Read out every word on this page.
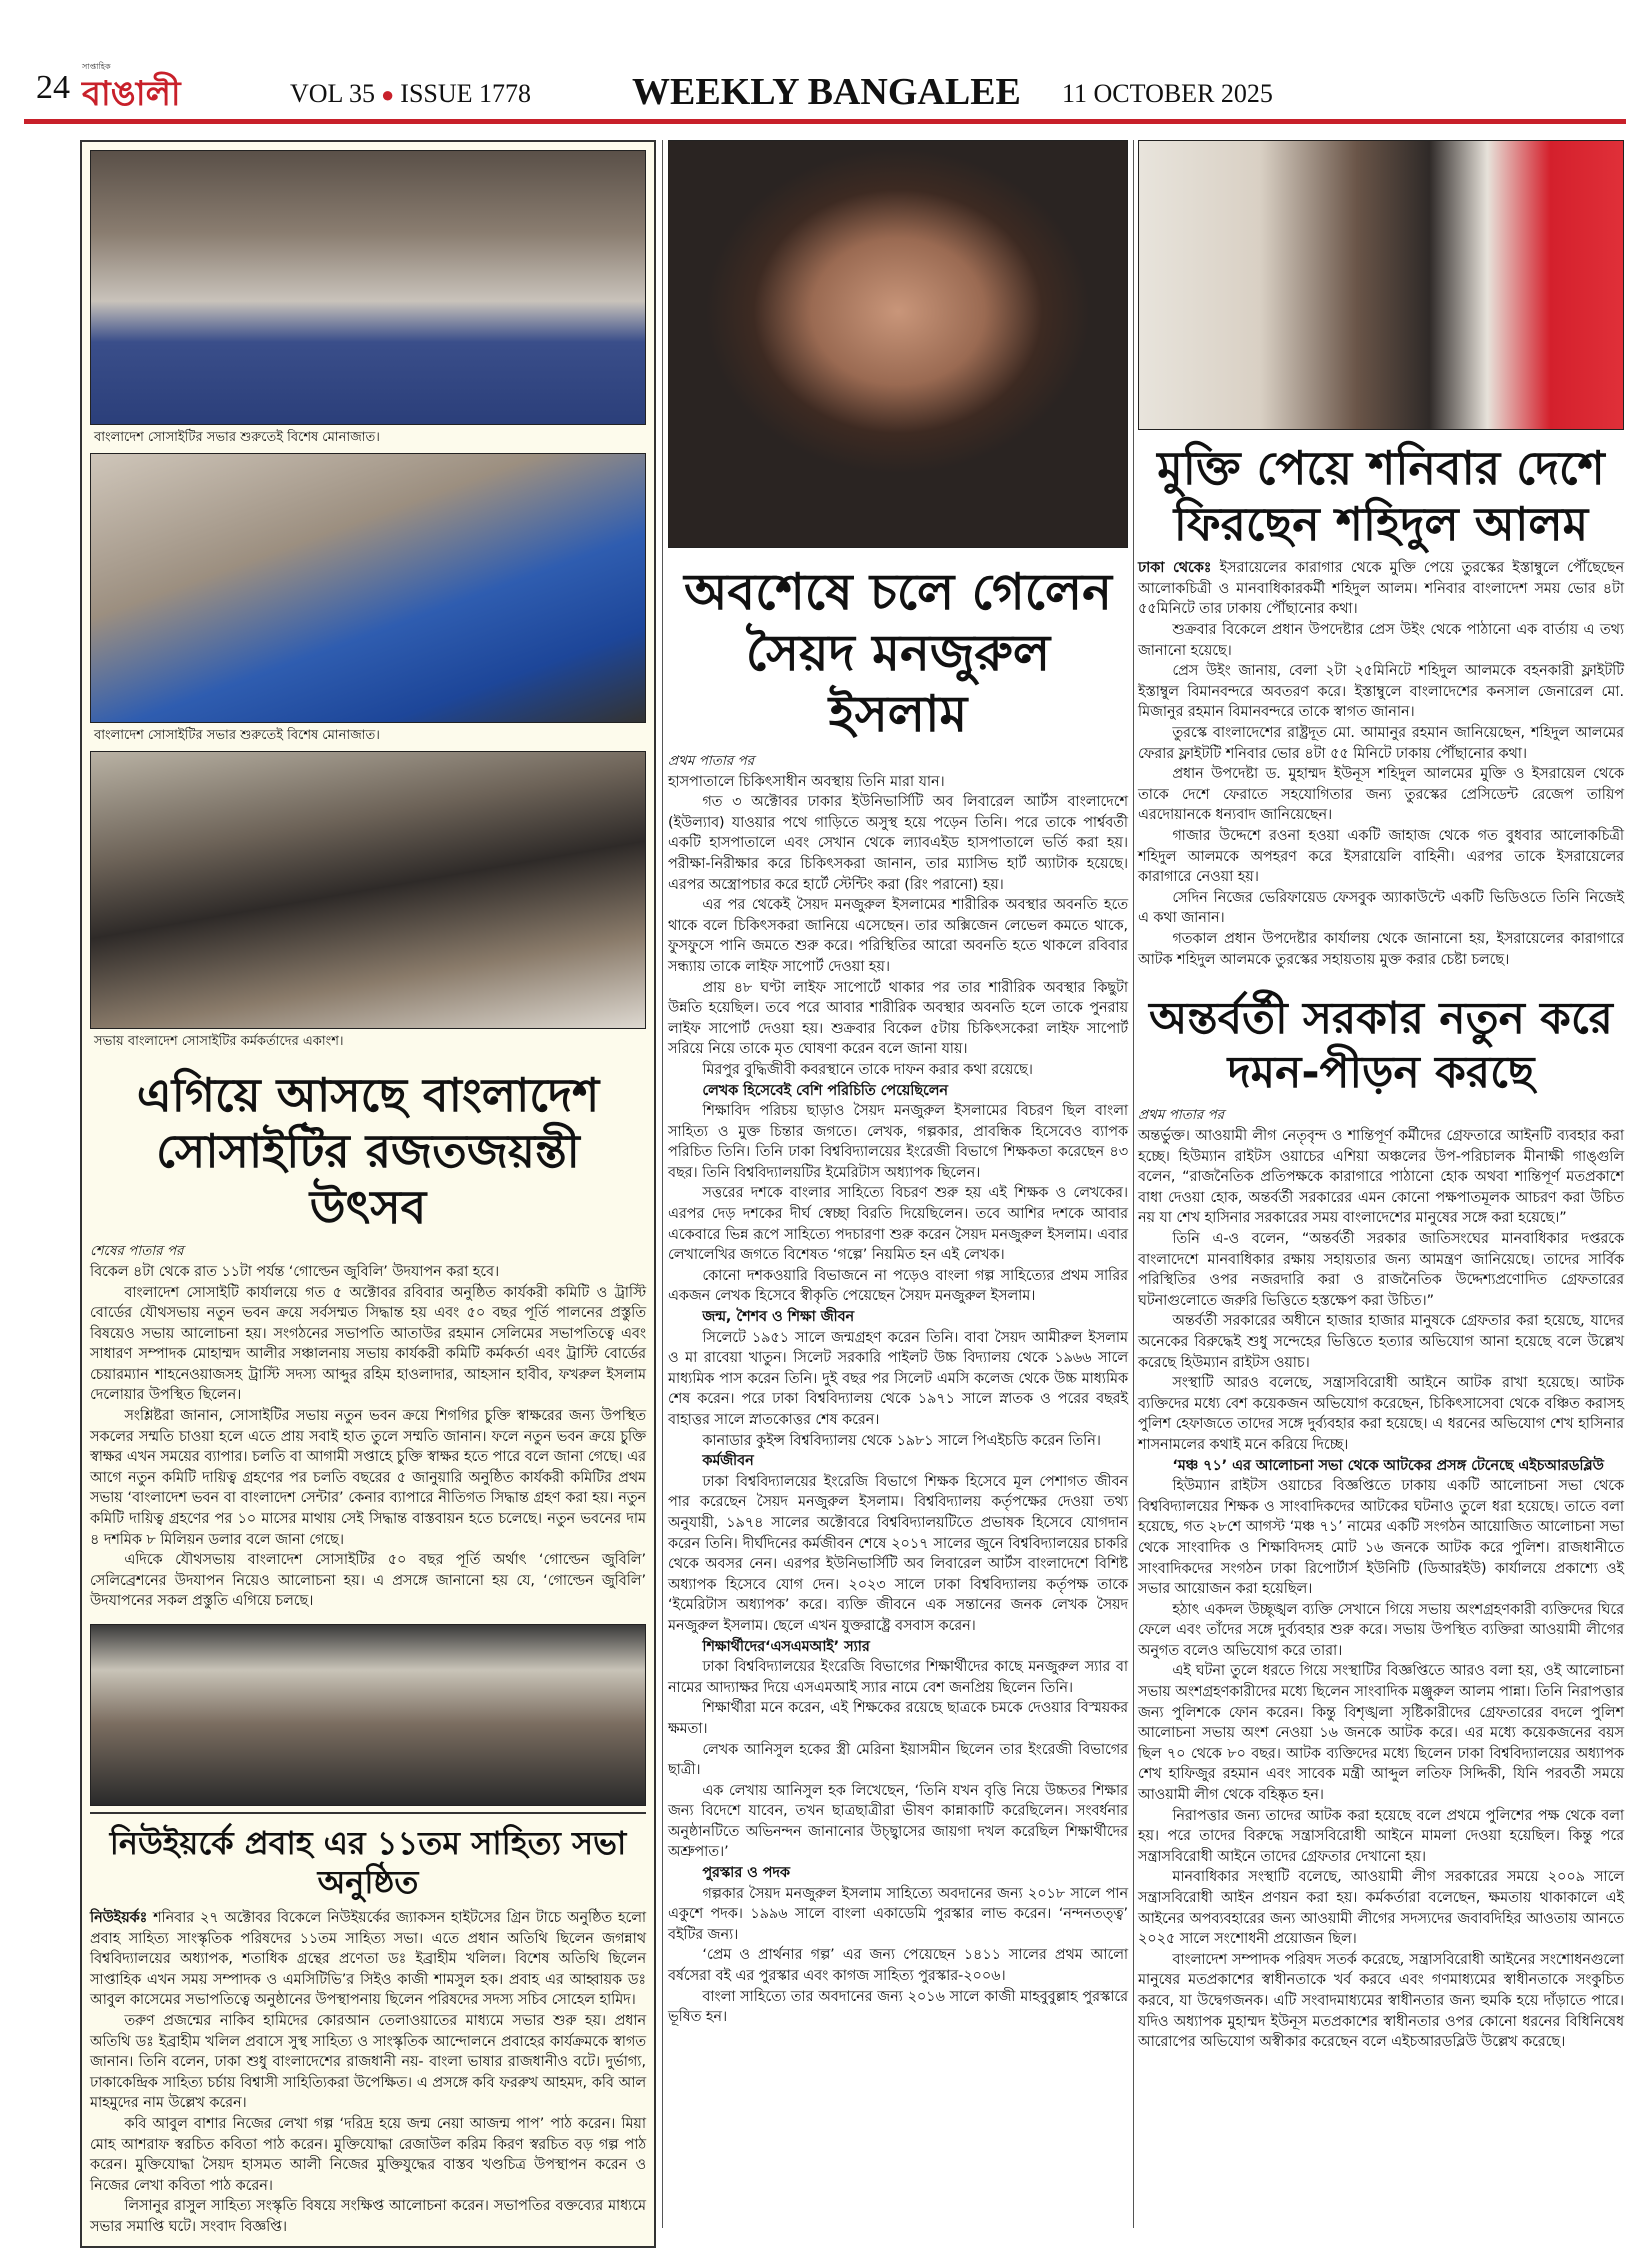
24
সাপ্তাহিক
বাঙালী	VOL 35 ● ISSUE 1778	WEEKLY BANGALEE 11 OCTOBER 2025
বাংলাদেশ সোসাইটির সভার শুরুতেই বিশেষ মোনাজাত।
বাংলাদেশ সোসাইটির সভার শুরুতেই বিশেষ মোনাজাত।
সভায় বাংলাদেশ সোসাইটির কর্মকর্তাদের একাংশ।
এগিয়ে আসছে বাংলাদেশ সোসাইটির রজতজয়ন্তী উৎসব

শেষের পাতার পর

বিকেল ৪টা থেকে রাত ১১টা পর্যন্ত ‘গোল্ডেন জুবিলি’ উদযাপন করা হবে।

বাংলাদেশ সোসাইটি কার্যালয়ে গত ৫ অক্টোবর রবিবার অনুষ্ঠিত কার্যকরী কমিটি ও ট্রাস্টি বোর্ডের যৌথসভায় নতুন ভবন ক্রয়ে সর্বসম্মত সিদ্ধান্ত হয় এবং ৫০ বছর পূর্তি পালনের প্রস্তুতি বিষয়েও সভায় আলোচনা হয়। সংগঠনের সভাপতি আতাউর রহমান সেলিমের সভাপতিত্বে এবং সাধারণ সম্পাদক মোহাম্মদ আলীর সঞ্চালনায় সভায় কার্যকরী কমিটি কর্মকর্তা এবং ট্রাস্টি বোর্ডের চেয়ারম্যান শাহনেওয়াজসহ ট্রাস্টি সদস্য আব্দুর রহিম হাওলাদার, আহসান হাবীব, ফখরুল ইসলাম দেলোয়ার উপস্থিত ছিলেন।

সংশ্লিষ্টরা জানান, সোসাইটির সভায় নতুন ভবন ক্রয়ে শিগগির চুক্তি স্বাক্ষরের জন্য উপস্থিত সকলের সম্মতি চাওয়া হলে এতে প্রায় সবাই হাত তুলে সম্মতি জানান। ফলে নতুন ভবন ক্রয়ে চুক্তি স্বাক্ষর এখন সময়ের ব্যাপার। চলতি বা আগামী সপ্তাহে চুক্তি স্বাক্ষর হতে পারে বলে জানা গেছে। এর আগে নতুন কমিটি দায়িত্ব গ্রহণের পর চলতি বছরের ৫ জানুয়ারি অনুষ্ঠিত কার্যকরী কমিটির প্রথম সভায় ‘বাংলাদেশ ভবন বা বাংলাদেশ সেন্টার’ কেনার ব্যাপারে নীতিগত সিদ্ধান্ত গ্রহণ করা হয়। নতুন কমিটি দায়িত্ব গ্রহণের পর ১০ মাসের মাথায় সেই সিদ্ধান্ত বাস্তবায়ন হতে চলেছে। নতুন ভবনের দাম ৪ দশমিক ৮ মিলিয়ন ডলার বলে জানা গেছে।

এদিকে যৌথসভায় বাংলাদেশ সোসাইটির ৫০ বছর পূর্তি অর্থাৎ ‘গোল্ডেন জুবিলি’ সেলিব্রেশনের উদযাপন নিয়েও আলোচনা হয়। এ প্রসঙ্গে জানানো হয় যে, ‘গোল্ডেন জুবিলি’ উদযাপনের সকল প্রস্তুতি এগিয়ে চলছে।

নিউইয়র্কে প্রবাহ এর ১১তম সাহিত্য সভা অনুষ্ঠিত

নিউইয়র্কঃ শনিবার ২৭ অক্টোবর বিকেলে নিউইয়র্কের জ্যাকসন হাইটসের গ্রিন টাচে অনুষ্ঠিত হলো প্রবাহ সাহিত্য সাংস্কৃতিক পরিষদের ১১তম সাহিত্য সভা। এতে প্রধান অতিথি ছিলেন জগন্নাথ বিশ্ববিদ্যালয়ের অধ্যাপক, শতাধিক গ্রন্থের প্রণেতা ডঃ ইব্রাহীম খলিল। বিশেষ অতিথি ছিলেন সাপ্তাহিক এখন সময় সম্পাদক ও এমসিটিভি’র সিইও কাজী শামসুল হক। প্রবাহ এর আহ্বায়ক ডঃ আবুল কাসেমের সভাপতিত্বে অনুষ্ঠানের উপস্থাপনায় ছিলেন পরিষদের সদস্য সচিব সোহেল হামিদ।

তরুণ প্রজন্মের নাকিব হামিদের কোরআন তেলাওয়াতের মাধ্যমে সভার শুরু হয়। প্রধান অতিথি ডঃ ইব্রাহীম খলিল প্রবাসে সুস্থ সাহিত্য ও সাংস্কৃতিক আন্দোলনে প্রবাহের কার্যক্রমকে স্বাগত জানান। তিনি বলেন, ঢাকা শুধু বাংলাদেশের রাজধানী নয়- বাংলা ভাষার রাজধানীও বটে। দুর্ভাগ্য, ঢাকাকেন্দ্রিক সাহিত্য চর্চায় বিশ্বাসী সাহিত্যিকরা উপেক্ষিত। এ প্রসঙ্গে কবি ফররুখ আহমদ, কবি আল মাহমুদের নাম উল্লেখ করেন।

কবি আবুল বাশার নিজের লেখা গল্প ‘দরিদ্র হয়ে জন্ম নেয়া আজন্ম পাপ’ পাঠ করেন। মিয়া মোহ আশরাফ স্বরচিত কবিতা পাঠ করেন। মুক্তিযোদ্ধা রেজাউল করিম কিরণ স্বরচিত বড় গল্প পাঠ করেন। মুক্তিযোদ্ধা সৈয়দ হাসমত আলী নিজের মুক্তিযুদ্ধের বাস্তব খণ্ডচিত্র উপস্থাপন করেন ও নিজের লেখা কবিতা পাঠ করেন।

লিসানুর রাসুল সাহিত্য সংস্কৃতি বিষয়ে সংক্ষিপ্ত আলোচনা করেন। সভাপতির বক্তব্যের মাধ্যমে সভার সমাপ্তি ঘটে। সংবাদ বিজ্ঞপ্তি।

অবশেষে চলে গেলেন
সৈয়দ মনজুরুল ইসলাম

প্রথম পাতার পর

হাসপাতালে চিকিৎসাধীন অবস্থায় তিনি মারা যান।

গত ৩ অক্টোবর ঢাকার ইউনিভার্সিটি অব লিবারেল আর্টস বাংলাদেশে (ইউল্যাব) যাওয়ার পথে গাড়িতে অসুস্থ হয়ে পড়েন তিনি। পরে তাকে পার্শ্ববর্তী একটি হাসপাতালে এবং সেখান থেকে ল্যাবএইড হাসপাতালে ভর্তি করা হয়। পরীক্ষা-নিরীক্ষার করে চিকিৎসকরা জানান, তার ম্যাসিভ হার্ট অ্যাটাক হয়েছে। এরপর অস্ত্রোপচার করে হার্টে স্টেন্টিং করা (রিং পরানো) হয়।

এর পর থেকেই সৈয়দ মনজুরুল ইসলামের শারীরিক অবস্থার অবনতি হতে থাকে বলে চিকিৎসকরা জানিয়ে এসেছেন। তার অক্সিজেন লেভেল কমতে থাকে, ফুসফুসে পানি জমতে শুরু করে। পরিস্থিতির আরো অবনতি হতে থাকলে রবিবার সন্ধ্যায় তাকে লাইফ সাপোর্ট দেওয়া হয়।

প্রায় ৪৮ ঘণ্টা লাইফ সাপোর্টে থাকার পর তার শারীরিক অবস্থার কিছুটা উন্নতি হয়েছিল। তবে পরে আবার শারীরিক অবস্থার অবনতি হলে তাকে পুনরায় লাইফ সাপোর্ট দেওয়া হয়। শুক্রবার বিকেল ৫টায় চিকিৎসকেরা লাইফ সাপোর্ট সরিয়ে নিয়ে তাকে মৃত ঘোষণা করেন বলে জানা যায়।

মিরপুর বুদ্ধিজীবী কবরস্থানে তাকে দাফন করার কথা রয়েছে।

লেখক হিসেবেই বেশি পরিচিতি পেয়েছিলেন

শিক্ষাবিদ পরিচয় ছাড়াও সৈয়দ মনজুরুল ইসলামের বিচরণ ছিল বাংলা সাহিত্য ও মুক্ত চিন্তার জগতে। লেখক, গল্পকার, প্রাবন্ধিক হিসেবেও ব্যাপক পরিচিত তিনি। তিনি ঢাকা বিশ্ববিদ্যালয়ের ইংরেজী বিভাগে শিক্ষকতা করেছেন ৪৩ বছর। তিনি বিশ্ববিদ্যালয়টির ইমেরিটাস অধ্যাপক ছিলেন।

সত্তরের দশকে বাংলার সাহিত্যে বিচরণ শুরু হয় এই শিক্ষক ও লেখকের। এরপর দেড় দশকের দীর্ঘ স্বেচ্ছা বিরতি দিয়েছিলেন। তবে আশির দশকে আবার একেবারে ভিন্ন রূপে সাহিত্যে পদচারণা শুরু করেন সৈয়দ মনজুরুল ইসলাম। এবার লেখালেখির জগতে বিশেষত ‘গল্পে’ নিয়মিত হন এই লেখক।

কোনো দশকওয়ারি বিভাজনে না পড়েও বাংলা গল্প সাহিত্যের প্রথম সারির একজন লেখক হিসেবে স্বীকৃতি পেয়েছেন সৈয়দ মনজুরুল ইসলাম।

জন্ম, শৈশব ও শিক্ষা জীবন

সিলেটে ১৯৫১ সালে জন্মগ্রহণ করেন তিনি। বাবা সৈয়দ আমীরুল ইসলাম ও মা রাবেয়া খাতুন। সিলেট সরকারি পাইলট উচ্চ বিদ্যালয় থেকে ১৯৬৬ সালে মাধ্যমিক পাস করেন তিনি। দুই বছর পর সিলেট এমসি কলেজ থেকে উচ্চ মাধ্যমিক শেষ করেন। পরে ঢাকা বিশ্ববিদ্যালয় থেকে ১৯৭১ সালে স্নাতক ও পরের বছরই বাহাত্তর সালে স্নাতকোত্তর শেষ করেন।

কানাডার কুইন্স বিশ্ববিদ্যালয় থেকে ১৯৮১ সালে পিএইচডি করেন তিনি।

কর্মজীবন

ঢাকা বিশ্ববিদ্যালয়ের ইংরেজি বিভাগে শিক্ষক হিসেবে মূল পেশাগত জীবন পার করেছেন সৈয়দ মনজুরুল ইসলাম। বিশ্ববিদ্যালয় কর্তৃপক্ষের দেওয়া তথ্য অনুযায়ী, ১৯৭৪ সালের অক্টোবরে বিশ্ববিদ্যালয়টিতে প্রভাষক হিসেবে যোগদান করেন তিনি। দীর্ঘদিনের কর্মজীবন শেষে ২০১৭ সালের জুনে বিশ্ববিদ্যালয়ের চাকরি থেকে অবসর নেন। এরপর ইউনিভার্সিটি অব লিবারেল আর্টস বাংলাদেশে বিশিষ্ট অধ্যাপক হিসেবে যোগ দেন। ২০২৩ সালে ঢাকা বিশ্ববিদ্যালয় কর্তৃপক্ষ তাকে ‘ইমেরিটাস অধ্যাপক’ করে। ব্যক্তি জীবনে এক সন্তানের জনক লেখক সৈয়দ মনজুরুল ইসলাম। ছেলে এখন যুক্তরাষ্ট্রে বসবাস করেন।

শিক্ষার্থীদের‘এসএমআই’ স্যার

ঢাকা বিশ্ববিদ্যালয়ের ইংরেজি বিভাগের শিক্ষার্থীদের কাছে মনজুরুল স্যার বা নামের আদ্যাক্ষর দিয়ে এসএমআই স্যার নামে বেশ জনপ্রিয় ছিলেন তিনি।

শিক্ষার্থীরা মনে করেন, এই শিক্ষকের রয়েছে ছাত্রকে চমকে দেওয়ার বিস্ময়কর ক্ষমতা।

লেখক আনিসুল হকের স্ত্রী মেরিনা ইয়াসমীন ছিলেন তার ইংরেজী বিভাগের ছাত্রী।

এক লেখায় আনিসুল হক লিখেছেন, ‘তিনি যখন বৃত্তি নিয়ে উচ্চতর শিক্ষার জন্য বিদেশে যাবেন, তখন ছাত্রছাত্রীরা ভীষণ কান্নাকাটি করেছিলেন। সংবর্ধনার অনুষ্ঠানটিতে অভিনন্দন জানানোর উচ্ছ্বাসের জায়গা দখল করেছিল শিক্ষার্থীদের অশ্রুপাত।’

পুরস্কার ও পদক

গল্পকার সৈয়দ মনজুরুল ইসলাম সাহিত্যে অবদানের জন্য ২০১৮ সালে পান একুশে পদক। ১৯৯৬ সালে বাংলা একাডেমি পুরস্কার লাভ করেন। ‘নন্দনতত্ত্ব’ বইটির জন্য।

‘প্রেম ও প্রার্থনার গল্প’ এর জন্য পেয়েছেন ১৪১১ সালের প্রথম আলো বর্ষসেরা বই এর পুরস্কার এবং কাগজ সাহিত্য পুরস্কার-২০০৬।

বাংলা সাহিত্যে তার অবদানের জন্য ২০১৬ সালে কাজী মাহবুবুল্লাহ পুরস্কারে ভূষিত হন।

মুক্তি পেয়ে শনিবার দেশে
ফিরছেন শহিদুল আলম

ঢাকা থেকেঃ ইসরায়েলের কারাগার থেকে মুক্তি পেয়ে তুরস্কের ইস্তাম্বুলে পৌঁছেছেন আলোকচিত্রী ও মানবাধিকারকর্মী শহিদুল আলম। শনিবার বাংলাদেশ সময় ভোর ৪টা ৫৫মিনিটে তার ঢাকায় পৌঁছানোর কথা।

শুক্রবার বিকেলে প্রধান উপদেষ্টার প্রেস উইং থেকে পাঠানো এক বার্তায় এ তথ্য জানানো হয়েছে।

প্রেস উইং জানায়, বেলা ২টা ২৫মিনিটে শহিদুল আলমকে বহনকারী ফ্লাইটটি ইস্তাম্বুল বিমানবন্দরে অবতরণ করে। ইস্তাম্বুলে বাংলাদেশের কনসাল জেনারেল মো. মিজানুর রহমান বিমানবন্দরে তাকে স্বাগত জানান।

তুরস্কে বাংলাদেশের রাষ্ট্রদূত মো. আমানুর রহমান জানিয়েছেন, শহিদুল আলমের ফেরার ফ্লাইটটি শনিবার ভোর ৪টা ৫৫ মিনিটে ঢাকায় পৌঁছানোর কথা।

প্রধান উপদেষ্টা ড. মুহাম্মদ ইউনূস শহিদুল আলমের মুক্তি ও ইসরায়েল থেকে তাকে দেশে ফেরাতে সহযোগিতার জন্য তুরস্কের প্রেসিডেন্ট রেজেপ তায়িপ এরদোয়ানকে ধন্যবাদ জানিয়েছেন।

গাজার উদ্দেশে রওনা হওয়া একটি জাহাজ থেকে গত বুধবার আলোকচিত্রী শহিদুল আলমকে অপহরণ করে ইসরায়েলি বাহিনী। এরপর তাকে ইসরায়েলের কারাগারে নেওয়া হয়।

সেদিন নিজের ভেরিফায়েড ফেসবুক অ্যাকাউন্টে একটি ভিডিওতে তিনি নিজেই এ কথা জানান।

গতকাল প্রধান উপদেষ্টার কার্যালয় থেকে জানানো হয়, ইসরায়েলের কারাগারে আটক শহিদুল আলমকে তুরস্কের সহায়তায় মুক্ত করার চেষ্টা চলছে।

অন্তর্বর্তী সরকার নতুন করে
দমন-পীড়ন করছে

প্রথম পাতার পর

অন্তর্ভুক্ত। আওয়ামী লীগ নেতৃবৃন্দ ও শান্তিপূর্ণ কর্মীদের গ্রেফতারে আইনটি ব্যবহার করা হচ্ছে। হিউম্যান রাইটস ওয়াচের এশিয়া অঞ্চলের উপ-পরিচালক মীনাক্ষী গাঙ্গুলি বলেন, “রাজনৈতিক প্রতিপক্ষকে কারাগারে পাঠানো হোক অথবা শান্তিপূর্ণ মতপ্রকাশে বাধা দেওয়া হোক, অন্তর্বর্তী সরকারের এমন কোনো পক্ষপাতমূলক আচরণ করা উচিত নয় যা শেখ হাসিনার সরকারের সময় বাংলাদেশের মানুষের সঙ্গে করা হয়েছে।”

তিনি এ-ও বলেন, “অন্তর্বর্তী সরকার জাতিসংঘের মানবাধিকার দপ্তরকে বাংলাদেশে মানবাধিকার রক্ষায় সহায়তার জন্য আমন্ত্রণ জানিয়েছে। তাদের সার্বিক পরিস্থিতির ওপর নজরদারি করা ও রাজনৈতিক উদ্দেশ্যপ্রণোদিত গ্রেফতারের ঘটনাগুলোতে জরুরি ভিত্তিতে হস্তক্ষেপ করা উচিত।”

অন্তর্বর্তী সরকারের অধীনে হাজার হাজার মানুষকে গ্রেফতার করা হয়েছে, যাদের অনেকের বিরুদ্ধেই শুধু সন্দেহের ভিত্তিতে হত্যার অভিযোগ আনা হয়েছে বলে উল্লেখ করেছে হিউম্যান রাইটস ওয়াচ।

সংস্থাটি আরও বলেছে, সন্ত্রাসবিরোধী আইনে আটক রাখা হয়েছে। আটক ব্যক্তিদের মধ্যে বেশ কয়েকজন অভিযোগ করেছেন, চিকিৎসাসেবা থেকে বঞ্চিত করাসহ পুলিশ হেফাজতে তাদের সঙ্গে দুর্ব্যবহার করা হয়েছে। এ ধরনের অভিযোগ শেখ হাসিনার শাসনামলের কথাই মনে করিয়ে দিচ্ছে।

‘মঞ্চ ৭১’ এর আলোচনা সভা থেকে আটকের প্রসঙ্গ টেনেছে এইচআরডব্লিউ

হিউম্যান রাইটস ওয়াচের বিজ্ঞপ্তিতে ঢাকায় একটি আলোচনা সভা থেকে বিশ্ববিদ্যালয়ের শিক্ষক ও সাংবাদিকদের আটকের ঘটনাও তুলে ধরা হয়েছে। তাতে বলা হয়েছে, গত ২৮শে আগস্ট ‘মঞ্চ ৭১’ নামের একটি সংগঠন আয়োজিত আলোচনা সভা থেকে সাংবাদিক ও শিক্ষাবিদসহ মোট ১৬ জনকে আটক করে পুলিশ। রাজধানীতে সাংবাদিকদের সংগঠন ঢাকা রিপোর্টার্স ইউনিটি (ডিআরইউ) কার্যালয়ে প্রকাশ্যে ওই সভার আয়োজন করা হয়েছিল।

হঠাৎ একদল উচ্ছৃঙ্খল ব্যক্তি সেখানে গিয়ে সভায় অংশগ্রহণকারী ব্যক্তিদের ঘিরে ফেলে এবং তাঁদের সঙ্গে দুর্ব্যবহার শুরু করে। সভায় উপস্থিত ব্যক্তিরা আওয়ামী লীগের অনুগত বলেও অভিযোগ করে তারা।

এই ঘটনা তুলে ধরতে গিয়ে সংস্থাটির বিজ্ঞপ্তিতে আরও বলা হয়, ওই আলোচনা সভায় অংশগ্রহণকারীদের মধ্যে ছিলেন সাংবাদিক মঞ্জুরুল আলম পান্না। তিনি নিরাপত্তার জন্য পুলিশকে ফোন করেন। কিন্তু বিশৃঙ্খলা সৃষ্টিকারীদের গ্রেফতারের বদলে পুলিশ আলোচনা সভায় অংশ নেওয়া ১৬ জনকে আটক করে। এর মধ্যে কয়েকজনের বয়স ছিল ৭০ থেকে ৮০ বছর। আটক ব্যক্তিদের মধ্যে ছিলেন ঢাকা বিশ্ববিদ্যালয়ের অধ্যাপক শেখ হাফিজুর রহমান এবং সাবেক মন্ত্রী আব্দুল লতিফ সিদ্দিকী, যিনি পরবর্তী সময়ে আওয়ামী লীগ থেকে বহিষ্কৃত হন।

নিরাপত্তার জন্য তাদের আটক করা হয়েছে বলে প্রথমে পুলিশের পক্ষ থেকে বলা হয়। পরে তাদের বিরুদ্ধে সন্ত্রাসবিরোধী আইনে মামলা দেওয়া হয়েছিল। কিন্তু পরে সন্ত্রাসবিরোধী আইনে তাদের গ্রেফতার দেখানো হয়।

মানবাধিকার সংস্থাটি বলেছে, আওয়ামী লীগ সরকারের সময়ে ২০০৯ সালে সন্ত্রাসবিরোধী আইন প্রণয়ন করা হয়। কর্মকর্তারা বলেছেন, ক্ষমতায় থাকাকালে এই আইনের অপব্যবহারের জন্য আওয়ামী লীগের সদস্যদের জবাবদিহির আওতায় আনতে ২০২৫ সালে সংশোধনী প্রয়োজন ছিল।

বাংলাদেশ সম্পাদক পরিষদ সতর্ক করেছে, সন্ত্রাসবিরোধী আইনের সংশোধনগুলো মানুষের মতপ্রকাশের স্বাধীনতাকে খর্ব করবে এবং গণমাধ্যমের স্বাধীনতাকে সংকুচিত করবে, যা উদ্বেগজনক। এটি সংবাদমাধ্যমের স্বাধীনতার জন্য হুমকি হয়ে দাঁড়াতে পারে। যদিও অধ্যাপক মুহাম্মদ ইউনূস মতপ্রকাশের স্বাধীনতার ওপর কোনো ধরনের বিধিনিষেধ আরোপের অভিযোগ অস্বীকার করেছেন বলে এইচআরডব্লিউ উল্লেখ করেছে।
